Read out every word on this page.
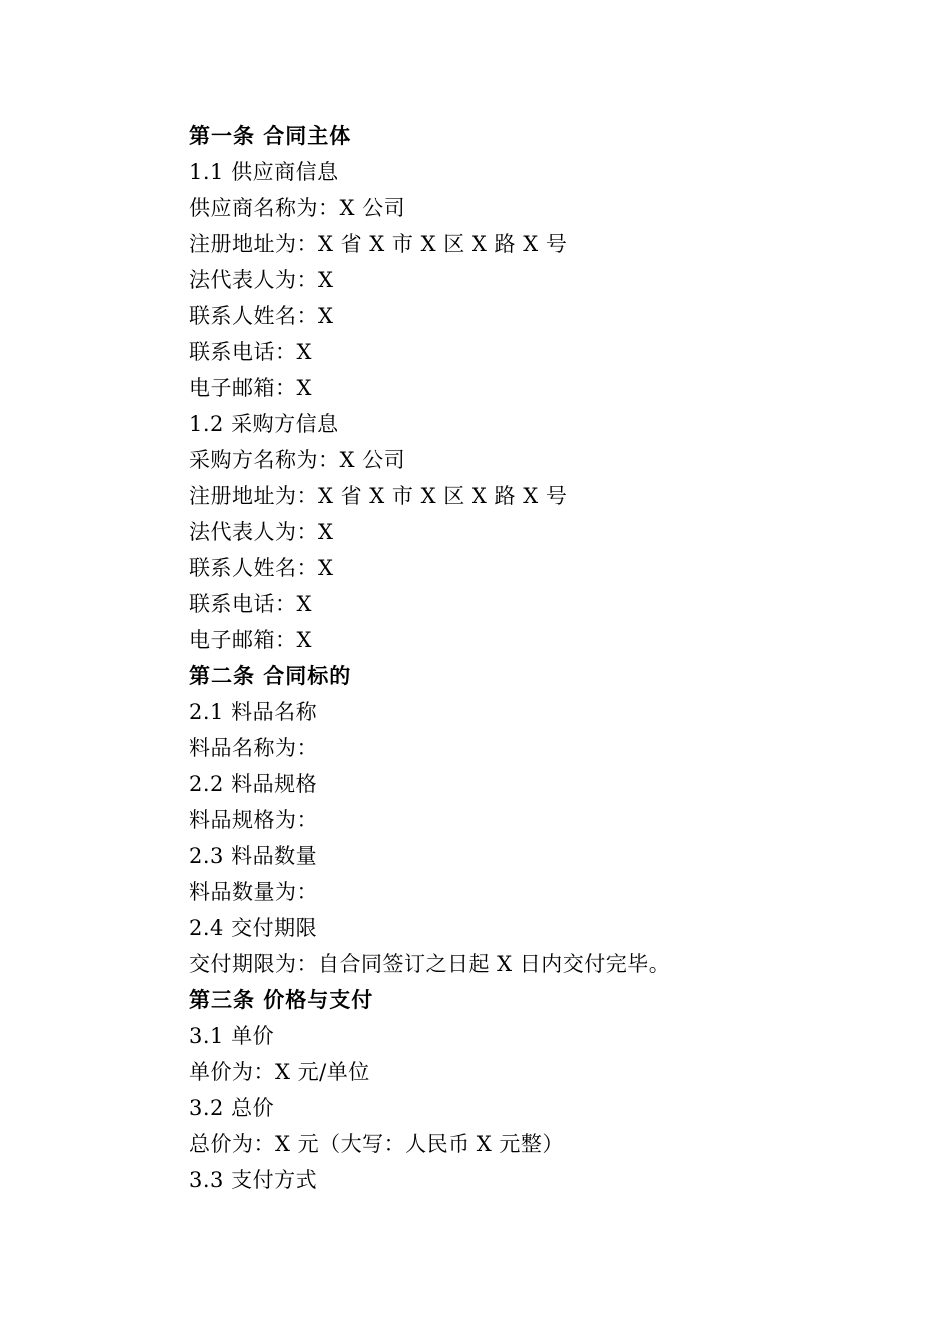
第一条 合同主体
1.1 供应商信息
供应商名称为：X 公司
注册地址为：X 省 X 市 X 区 X 路 X 号
法代表人为：X
联系人姓名：X
联系电话：X
电子邮箱：X
1.2 采购方信息
采购方名称为：X 公司
注册地址为：X 省 X 市 X 区 X 路 X 号
法代表人为：X
联系人姓名：X
联系电话：X
电子邮箱：X
第二条 合同标的
2.1 料品名称
料品名称为：
2.2 料品规格
料品规格为：
2.3 料品数量
料品数量为：
2.4 交付期限
交付期限为：自合同签订之日起 X 日内交付完毕。
第三条 价格与支付
3.1 单价
单价为：X 元/单位
3.2 总价
总价为：X 元（大写：人民币 X 元整）
3.3 支付方式
